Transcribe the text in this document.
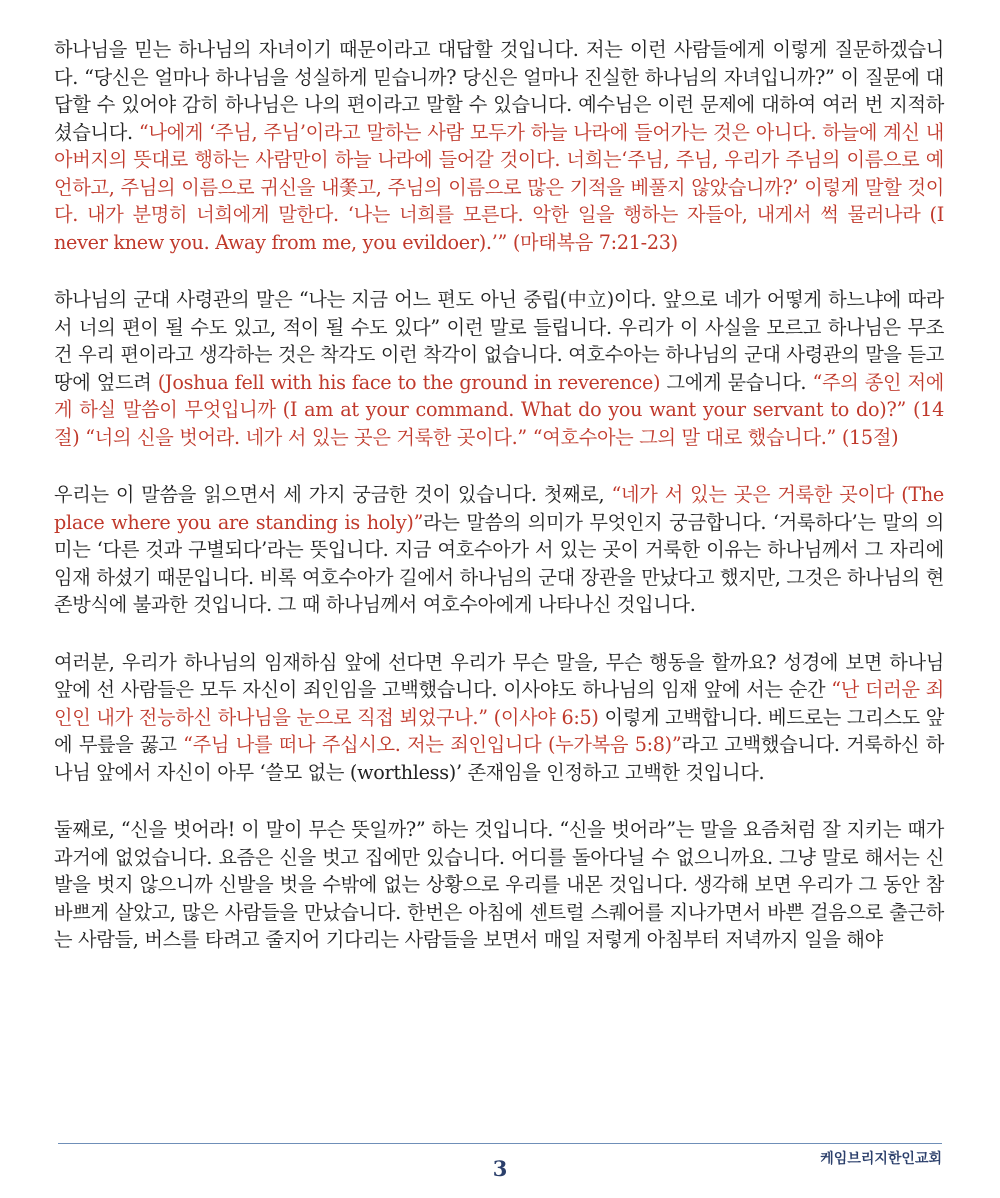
하나님을 믿는 하나님의 자녀이기 때문이라고 대답할 것입니다. 저는 이런 사람들에게 이렇게 질문하겠습니다. “당신은 얼마나 하나님을 성실하게 믿습니까? 당신은 얼마나 진실한 하나님의 자녀입니까?” 이 질문에 대답할 수 있어야 감히 하나님은 나의 편이라고 말할 수 있습니다. 예수님은 이런 문제에 대하여 여러 번 지적하셨습니다. “나에게 ‘주님, 주님’이라고 말하는 사람 모두가 하늘 나라에 들어가는 것은 아니다. 하늘에 계신 내 아버지의 뜻대로 행하는 사람만이 하늘 나라에 들어갈 것이다. 너희는‘주님, 주님, 우리가 주님의 이름으로 예언하고, 주님의 이름으로 귀신을 내쫓고, 주님의 이름으로 많은 기적을 베풀지 않았습니까?’ 이렇게 말할 것이다. 내가 분명히 너희에게 말한다. ‘나는 너희를 모른다. 악한 일을 행하는 자들아, 내게서 썩 물러나라 (I never knew you. Away from me, you evildoer).’” (마태복음 7:21-23)

하나님의 군대 사령관의 말은 “나는 지금 어느 편도 아닌 중립(中立)이다. 앞으로 네가 어떻게 하느냐에 따라서 너의 편이 될 수도 있고, 적이 될 수도 있다” 이런 말로 들립니다. 우리가 이 사실을 모르고 하나님은 무조건 우리 편이라고 생각하는 것은 착각도 이런 착각이 없습니다. 여호수아는 하나님의 군대 사령관의 말을 듣고 땅에 엎드려 (Joshua fell with his face to the ground in reverence) 그에게 묻습니다. “주의 종인 저에게 하실 말씀이 무엇입니까 (I am at your command. What do you want your servant to do)?” (14절) “너의 신을 벗어라. 네가 서 있는 곳은 거룩한 곳이다.” “여호수아는 그의 말 대로 했습니다.” (15절)

우리는 이 말씀을 읽으면서 세 가지 궁금한 것이 있습니다. 첫째로, “네가 서 있는 곳은 거룩한 곳이다 (The place where you are standing is holy)”라는 말씀의 의미가 무엇인지 궁금합니다. ‘거룩하다’는 말의 의미는 ‘다른 것과 구별되다’라는 뜻입니다. 지금 여호수아가 서 있는 곳이 거룩한 이유는 하나님께서 그 자리에 임재 하셨기 때문입니다. 비록 여호수아가 길에서 하나님의 군대 장관을 만났다고 했지만, 그것은 하나님의 현존방식에 불과한 것입니다. 그 때 하나님께서 여호수아에게 나타나신 것입니다.

여러분, 우리가 하나님의 임재하심 앞에 선다면 우리가 무슨 말을, 무슨 행동을 할까요? 성경에 보면 하나님 앞에 선 사람들은 모두 자신이 죄인임을 고백했습니다. 이사야도 하나님의 임재 앞에 서는 순간 “난 더러운 죄인인 내가 전능하신 하나님을 눈으로 직접 뵈었구나.” (이사야 6:5) 이렇게 고백합니다. 베드로는 그리스도 앞에 무릎을 꿇고 “주님 나를 떠나 주십시오. 저는 죄인입니다 (누가복음 5:8)”라고 고백했습니다. 거룩하신 하나님 앞에서 자신이 아무 ‘쓸모 없는 (worthless)’ 존재임을 인정하고 고백한 것입니다.

둘째로, “신을 벗어라! 이 말이 무슨 뜻일까?” 하는 것입니다. “신을 벗어라”는 말을 요즘처럼 잘 지키는 때가 과거에 없었습니다. 요즘은 신을 벗고 집에만 있습니다. 어디를 돌아다닐 수 없으니까요. 그냥 말로 해서는 신발을 벗지 않으니까 신발을 벗을 수밖에 없는 상황으로 우리를 내몬 것입니다. 생각해 보면 우리가 그 동안 참 바쁘게 살았고, 많은 사람들을 만났습니다. 한번은 아침에 센트럴 스퀘어를 지나가면서 바쁜 걸음으로 출근하는 사람들, 버스를 타려고 줄지어 기다리는 사람들을 보면서 매일 저렇게 아침부터 저녁까지 일을 해야

케임브리지한인교회
3
